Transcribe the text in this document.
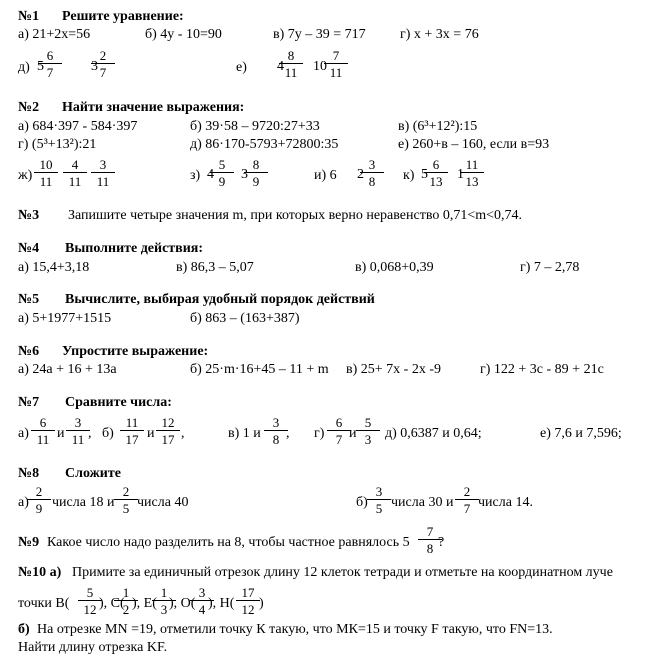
№1 Решите уравнение:
а) 21+2х=56	б) 4у - 10=90	в) 7у – 39 = 717 г) х + 3х = 76
д) 5
6
7	3
2
7	е) 4
8
11	10
7
11
№2 Найти значение выражения:
а) 684·397 - 584·397	б) 39·58 – 9720:27+33	в) (6³+12²):15
г) (5³+13²):21	д) 86·170-5793+72800:35	е) 260+в – 160, если в=93
ж)
10
11
4
11
3
11	з) 4
5
9	3
8
9	и) 6 2
3
8	к) 5
6
13	1
11
13
№3 Запишите четыре значения m, при которых верно неравенство 0,71<m<0,74.
№4 Выполните действия:
а) 15,4+3,18	в) 86,3 – 5,07	в) 0,068+0,39	г) 7 – 2,78
№5 Вычислите, выбирая удобный порядок действий
а) 5+1977+1515	б) 863 – (163+387)
№6 Упростите выражение:
а) 24а + 16 + 13а	б) 25·m·16+45 – 11 + m в) 25+ 7х - 2х -9	г) 122 + 3с - 89 + 21с
№7 Сравните числа:
а)
6
11 и
3
11 , б)
11
17 и
12
17 ,	в) 1 и
3
8 , г)
6
7 и
5
3 д) 0,6387 и 0,64;	е) 7,6 и 7,596;
№8 Сложите
а)
2
9 числа 18 и
2
5 числа 40	б)
3
5 числа 30 и
2
7 числа 14.
№9 Какое число надо разделить на 8, чтобы частное равнялось 5
7
8 ?
№10 а) Примите за единичный отрезок длину 12 клеток тетради и отметьте на координатном луче
точки В(
5
12 ), С(
1
2 ), Е(
1
3 ), О(
3
4 ), Н(
17
12 )
б) На отрезке MN =19, отметили точку К такую, что МК=15 и точку F такую, что FN=13.
Найти длину отрезка KF.
